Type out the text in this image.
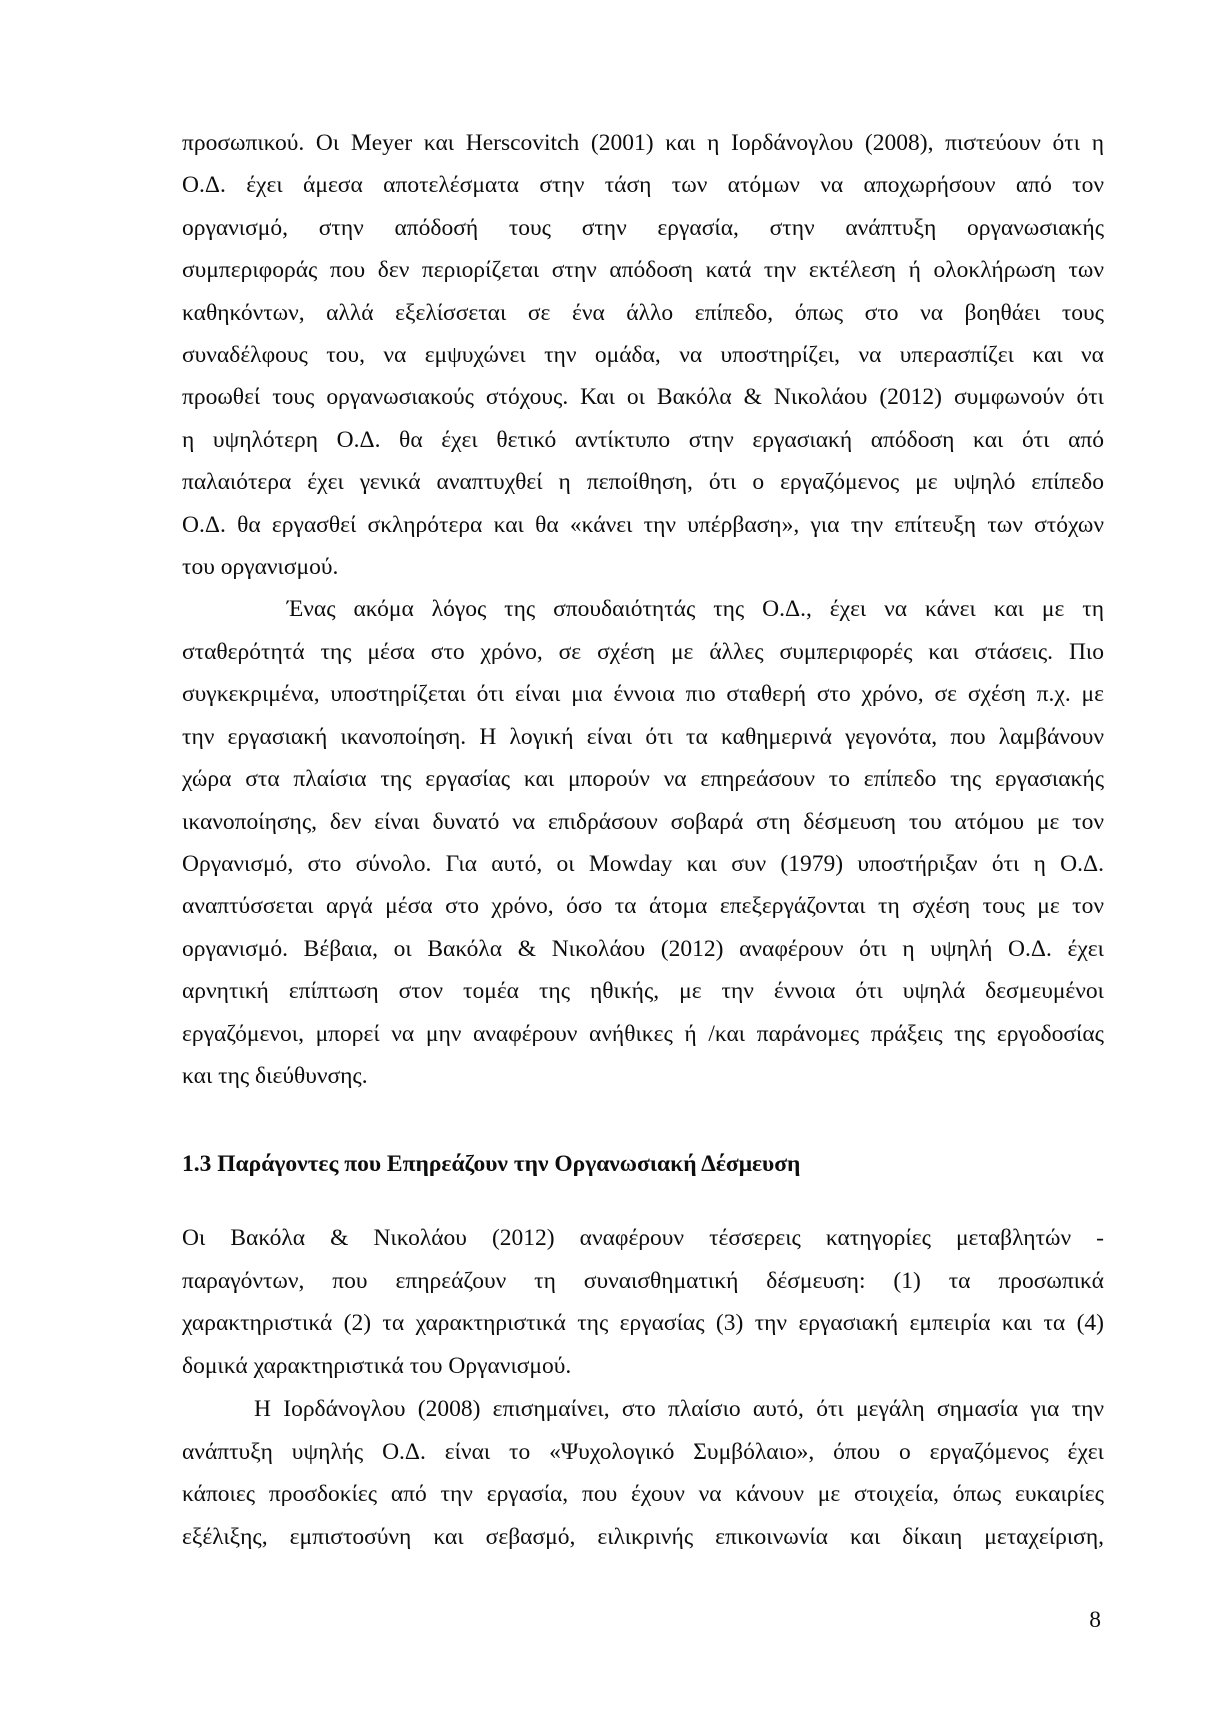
προσωπικού. Οι Meyer και Herscovitch (2001) και η Ιορδάνογλου (2008), πιστεύουν ότι η
Ο.Δ. έχει άμεσα αποτελέσματα στην τάση των ατόμων να αποχωρήσουν από τον
οργανισμό, στην απόδοσή τους στην εργασία, στην ανάπτυξη οργανωσιακής
συμπεριφοράς που δεν περιορίζεται στην απόδοση κατά την εκτέλεση ή ολοκλήρωση των
καθηκόντων, αλλά εξελίσσεται σε ένα άλλο επίπεδο, όπως στο να βοηθάει τους
συναδέλφους του, να εμψυχώνει την ομάδα, να υποστηρίζει, να υπερασπίζει και να
προωθεί τους οργανωσιακούς στόχους. Και οι Βακόλα & Νικολάου (2012) συμφωνούν ότι
η υψηλότερη Ο.Δ. θα έχει θετικό αντίκτυπο στην εργασιακή απόδοση και ότι από
παλαιότερα έχει γενικά αναπτυχθεί η πεποίθηση, ότι ο εργαζόμενος με υψηλό επίπεδο
Ο.Δ. θα εργασθεί σκληρότερα και θα «κάνει την υπέρβαση», για την επίτευξη των στόχων
του οργανισμού.
Ένας ακόμα λόγος της σπουδαιότητάς της Ο.Δ., έχει να κάνει και με τη
σταθερότητά της μέσα στο χρόνο, σε σχέση με άλλες συμπεριφορές και στάσεις. Πιο
συγκεκριμένα, υποστηρίζεται ότι είναι μια έννοια πιο σταθερή στο χρόνο, σε σχέση π.χ. με
την εργασιακή ικανοποίηση. Η λογική είναι ότι τα καθημερινά γεγονότα, που λαμβάνουν
χώρα στα πλαίσια της εργασίας και μπορούν να επηρεάσουν το επίπεδο της εργασιακής
ικανοποίησης, δεν είναι δυνατό να επιδράσουν σοβαρά στη δέσμευση του ατόμου με τον
Οργανισμό, στο σύνολο. Για αυτό, οι Mowday και συν (1979) υποστήριξαν ότι η Ο.Δ.
αναπτύσσεται αργά μέσα στο χρόνο, όσο τα άτομα επεξεργάζονται τη σχέση τους με τον
οργανισμό. Βέβαια, οι Βακόλα & Νικολάου (2012) αναφέρουν ότι η υψηλή Ο.Δ. έχει
αρνητική επίπτωση στον τομέα της ηθικής, με την έννοια ότι υψηλά δεσμευμένοι
εργαζόμενοι, μπορεί να μην αναφέρουν ανήθικες ή /και παράνομες πράξεις της εργοδοσίας
και της διεύθυνσης.
1.3 Παράγοντες που Επηρεάζουν την Οργανωσιακή Δέσμευση
Οι Βακόλα & Νικολάου (2012) αναφέρουν τέσσερεις κατηγορίες μεταβλητών -
παραγόντων, που επηρεάζουν τη συναισθηματική δέσμευση: (1) τα προσωπικά
χαρακτηριστικά (2) τα χαρακτηριστικά της εργασίας (3) την εργασιακή εμπειρία και τα (4)
δομικά χαρακτηριστικά του Οργανισμού.
Η Ιορδάνογλου (2008) επισημαίνει, στο πλαίσιο αυτό, ότι μεγάλη σημασία για την
ανάπτυξη υψηλής Ο.Δ. είναι το «Ψυχολογικό Συμβόλαιο», όπου ο εργαζόμενος έχει
κάποιες προσδοκίες από την εργασία, που έχουν να κάνουν με στοιχεία, όπως ευκαιρίες
εξέλιξης, εμπιστοσύνη και σεβασμό, ειλικρινής επικοινωνία και δίκαιη μεταχείριση,
8
